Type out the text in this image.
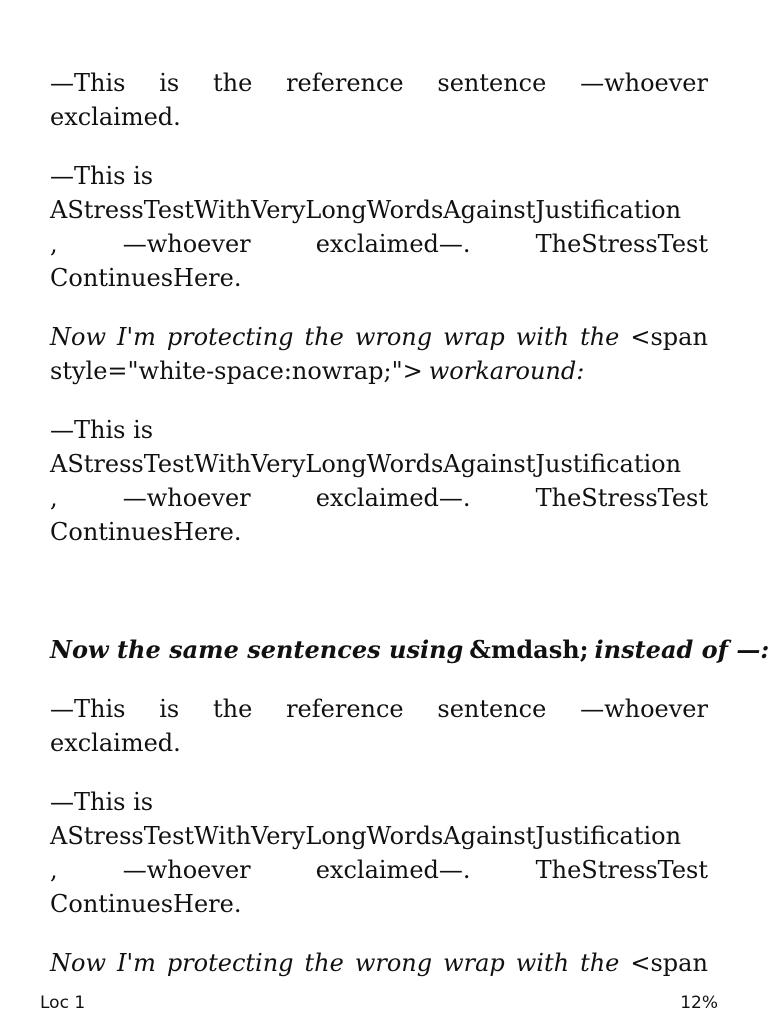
—This is the reference sentence —whoever
exclaimed.
—This is
AStressTestWithVeryLongWordsAgainstJustification
,	—whoever	exclaimed—.	TheStressTest
ContinuesHere.
Now I'm protecting the wrong wrap with the <span
style="white-space:nowrap;"> workaround:
—This is
AStressTestWithVeryLongWordsAgainstJustification
,	—whoever	exclaimed—.	TheStressTest
ContinuesHere.
Now the same sentences using &mdash; instead of —:
—This is the reference sentence —whoever
exclaimed.
—This is
AStressTestWithVeryLongWordsAgainstJustification
,	—whoever	exclaimed—.	TheStressTest
ContinuesHere.
Now I'm protecting the wrong wrap with the <span
Loc 1	12%
